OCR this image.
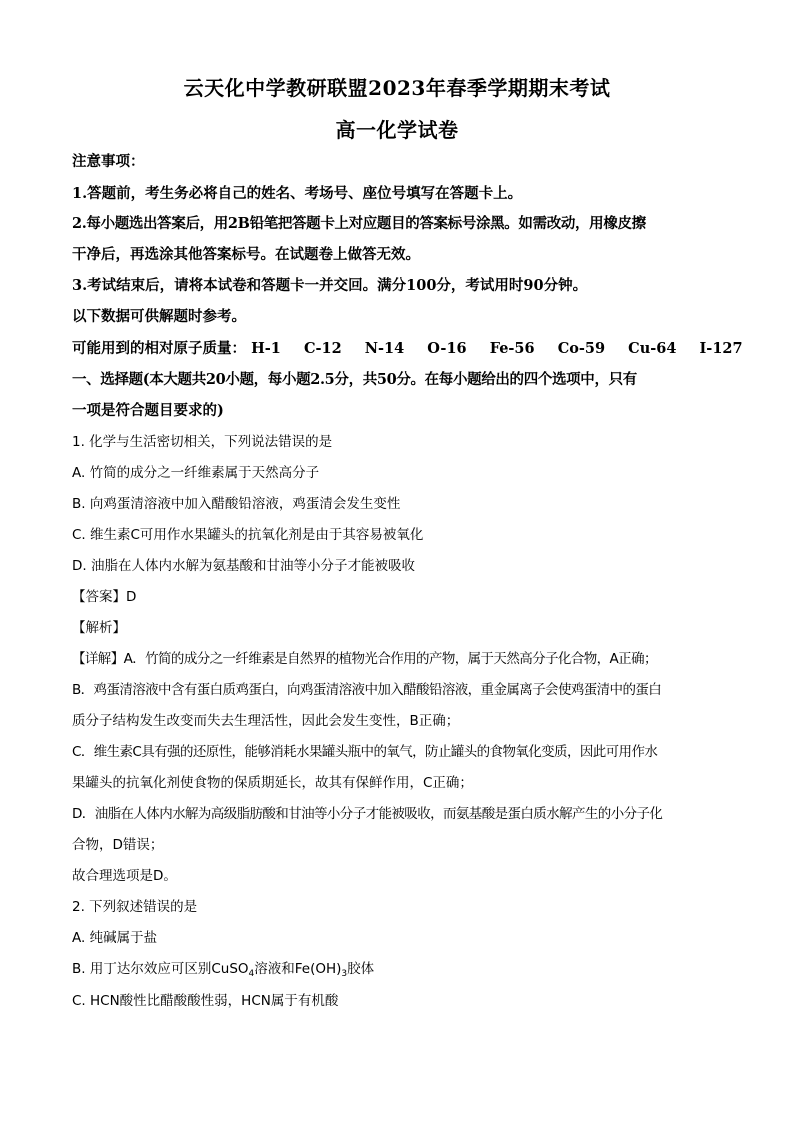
云天化中学教研联盟2023年春季学期期末考试
高一化学试卷
注意事项：
1.答题前，考生务必将自己的姓名、考场号、座位号填写在答题卡上。
2.每小题选出答案后，用2B铅笔把答题卡上对应题目的答案标号涂黑。如需改动，用橡皮擦
干净后，再选涂其他答案标号。在试题卷上做答无效。
3.考试结束后，请将本试卷和答题卡一并交回。满分100分，考试用时90分钟。
以下数据可供解题时参考。
可能用到的相对原子质量： H-1 C-12 N-14 O-16 Fe-56 Co-59 Cu-64 I-127
一、选择题(本大题共20小题，每小题2.5分，共50分。在每小题给出的四个选项中，只有
一项是符合题目要求的)
1. 化学与生活密切相关，下列说法错误的是
A. 竹简的成分之一纤维素属于天然高分子
B. 向鸡蛋清溶液中加入醋酸铅溶液，鸡蛋清会发生变性
C. 维生素C可用作水果罐头的抗氧化剂是由于其容易被氧化
D. 油脂在人体内水解为氨基酸和甘油等小分子才能被吸收
【答案】D
【解析】
【详解】A．竹简的成分之一纤维素是自然界的植物光合作用的产物，属于天然高分子化合物，A正确；
B．鸡蛋清溶液中含有蛋白质鸡蛋白，向鸡蛋清溶液中加入醋酸铅溶液，重金属离子会使鸡蛋清中的蛋白
质分子结构发生改变而失去生理活性，因此会发生变性，B正确；
C．维生素C具有强的还原性，能够消耗水果罐头瓶中的氧气，防止罐头的食物氧化变质，因此可用作水
果罐头的抗氧化剂使食物的保质期延长，故其有保鲜作用，C正确；
D．油脂在人体内水解为高级脂肪酸和甘油等小分子才能被吸收，而氨基酸是蛋白质水解产生的小分子化
合物，D错误；
故合理选项是D。
2. 下列叙述错误的是
A. 纯碱属于盐
B. 用丁达尔效应可区别CuSO$_4$溶液和$Fe(OH)_3$胶体
C. HCN酸性比醋酸酸性弱，HCN属于有机酸
